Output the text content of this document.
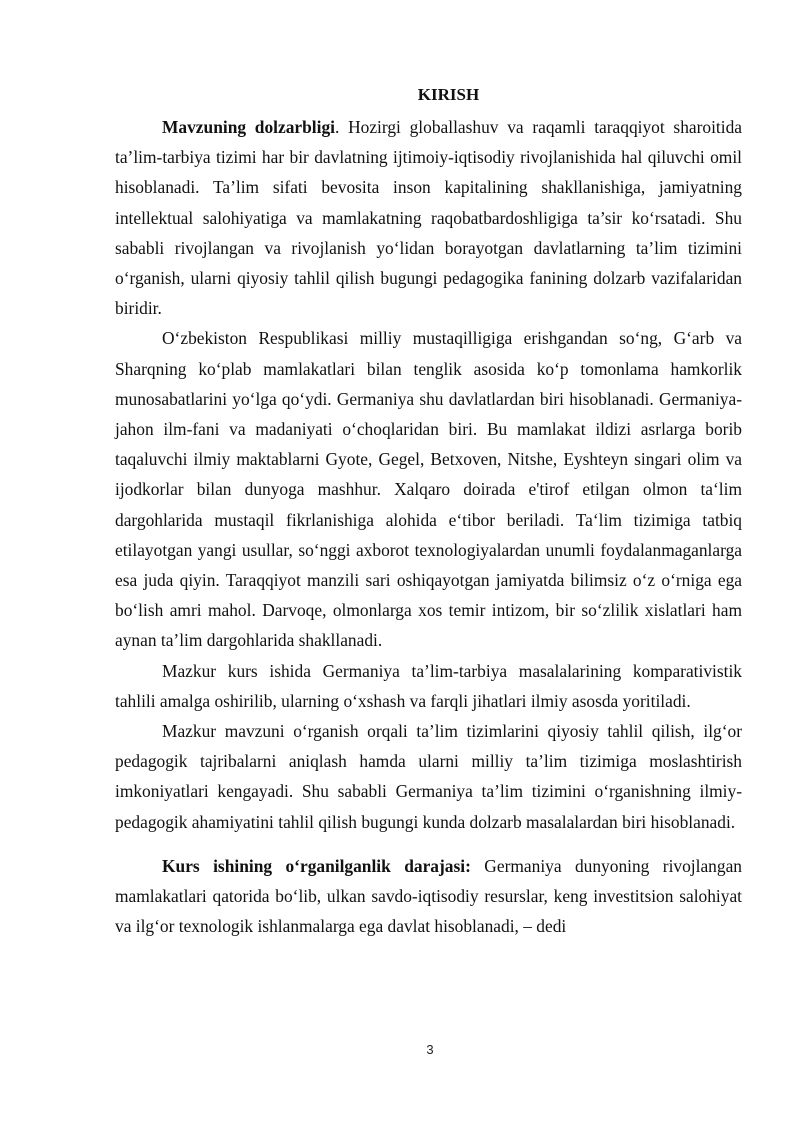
KIRISH

Mavzuning dolzarbligi. Hozirgi globallashuv va raqamli taraqqiyot sharoitida ta’lim-tarbiya tizimi har bir davlatning ijtimoiy-iqtisodiy rivojlanishida hal qiluvchi omil hisoblanadi. Ta’lim sifati bevosita inson kapitalining shakllanishiga, jamiyatning intellektual salohiyatiga va mamlakatning raqobatbardoshligiga ta’sir ko‘rsatadi. Shu sababli rivojlangan va rivojlanish yo‘lidan borayotgan davlatlarning ta’lim tizimini o‘rganish, ularni qiyosiy tahlil qilish bugungi pedagogika fanining dolzarb vazifalaridan biridir.

O‘zbekiston Respublikasi milliy mustaqilligiga erishgandan so‘ng, G‘arb va Sharqning ko‘plab mamlakatlari bilan tenglik asosida ko‘p tomonlama hamkorlik munosabatlarini yo‘lga qo‘ydi. Germaniya shu davlatlardan biri hisoblanadi. Germaniya-jahon ilm-fani va madaniyati o‘choqlaridan biri. Bu mamlakat ildizi asrlarga borib taqaluvchi ilmiy maktablarni Gyote, Gegel, Betxoven, Nitshe, Eyshteyn singari olim va ijodkorlar bilan dunyoga mashhur. Xalqaro doirada e'tirof etilgan olmon ta‘lim dargohlarida mustaqil fikrlanishiga alohida e‘tibor beriladi. Ta‘lim tizimiga tatbiq etilayotgan yangi usullar, so‘nggi axborot texnologiyalardan unumli foydalanmaganlarga esa juda qiyin. Taraqqiyot manzili sari oshiqayotgan jamiyatda bilimsiz o‘z o‘rniga ega bo‘lish amri mahol. Darvoqe, olmonlarga xos temir intizom, bir so‘zlilik xislatlari ham aynan ta’lim dargohlarida shakllanadi.

Mazkur kurs ishida Germaniya ta’lim-tarbiya masalalarining komparativistik tahlili amalga oshirilib, ularning o‘xshash va farqli jihatlari ilmiy asosda yoritiladi.

Mazkur mavzuni o‘rganish orqali ta’lim tizimlarini qiyosiy tahlil qilish, ilg‘or pedagogik tajribalarni aniqlash hamda ularni milliy ta’lim tizimiga moslashtirish imkoniyatlari kengayadi. Shu sababli Germaniya ta’lim tizimini o‘rganishning ilmiy-pedagogik ahamiyatini tahlil qilish bugungi kunda dolzarb masalalardan biri hisoblanadi.

Kurs ishining o‘rganilganlik darajasi: Germaniya dunyoning rivojlangan mamlakatlari qatorida bo‘lib, ulkan savdo-iqtisodiy resurslar, keng investitsion salohiyat va ilg‘or texnologik ishlanmalarga ega davlat hisoblanadi, – dedi

3
